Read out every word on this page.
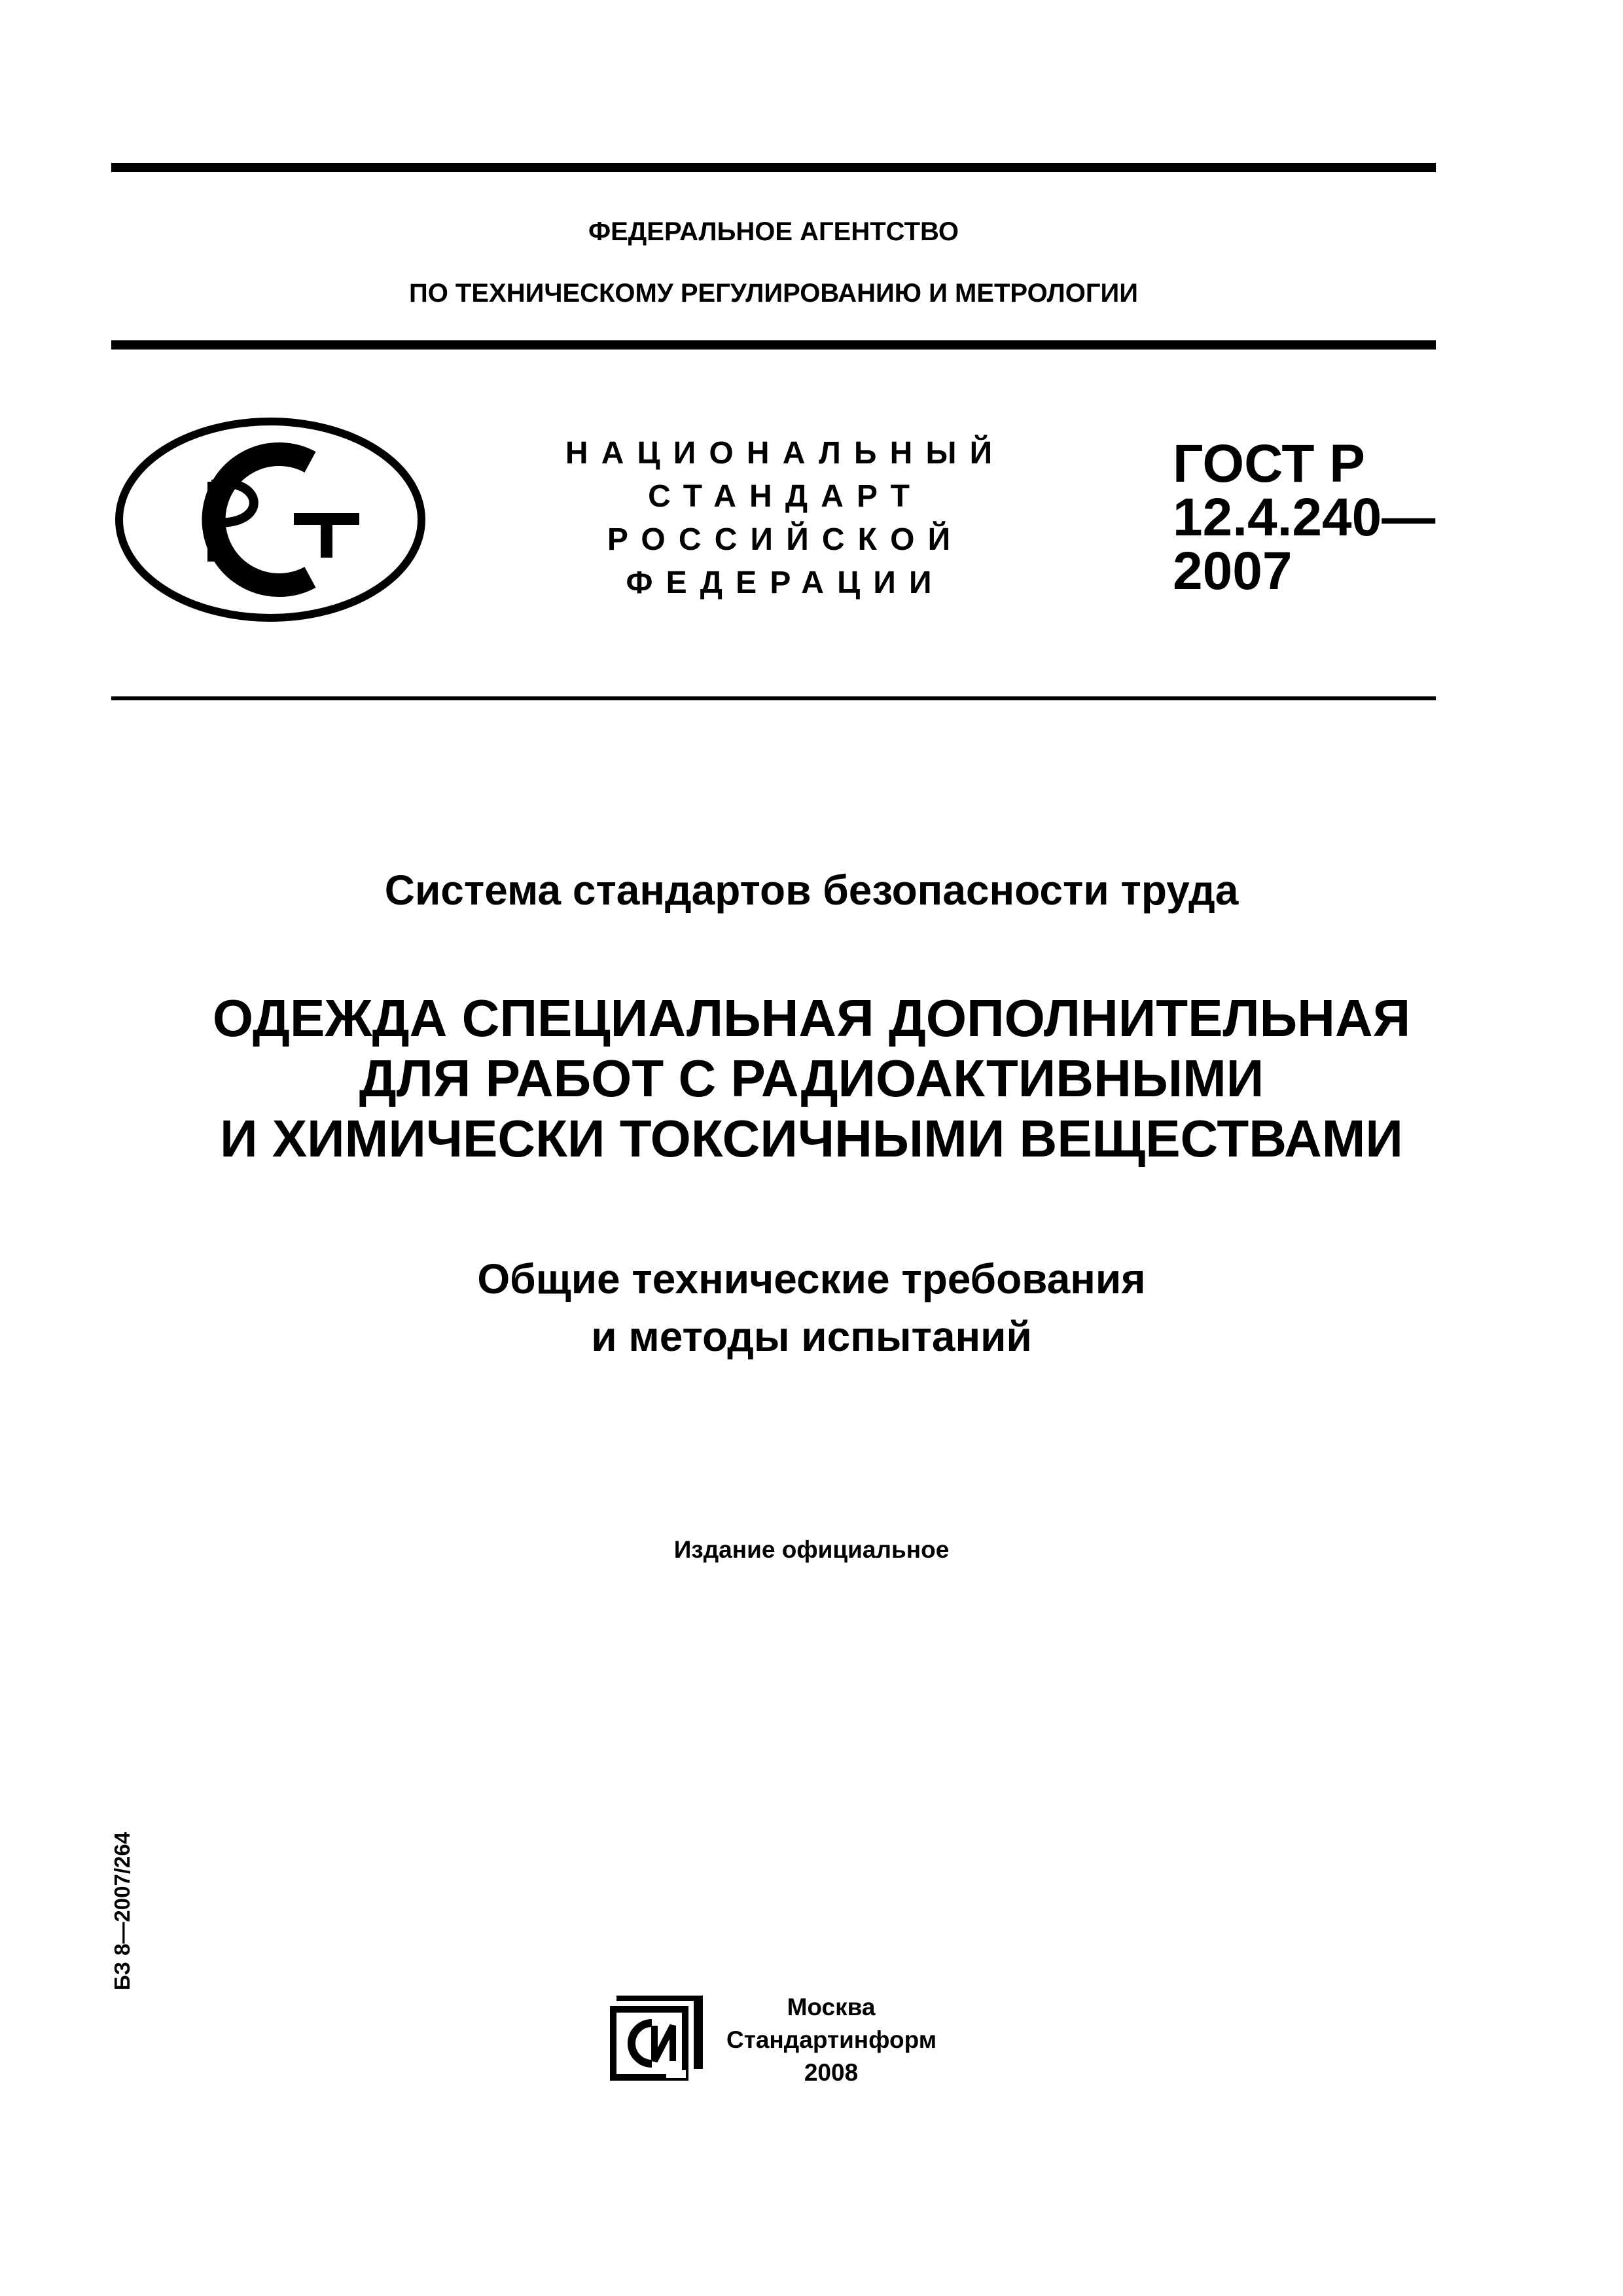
ФЕДЕРАЛЬНОЕ АГЕНТСТВО
ПО ТЕХНИЧЕСКОМУ РЕГУЛИРОВАНИЮ И МЕТРОЛОГИИ
НАЦИОНАЛЬНЫЙ
СТАНДАРТ
РОССИЙСКОЙ
ФЕДЕРАЦИИ
ГОСТ Р
12.4.240—
2007
Система стандартов безопасности труда
ОДЕЖДА СПЕЦИАЛЬНАЯ ДОПОЛНИТЕЛЬНАЯ
ДЛЯ РАБОТ С РАДИОАКТИВНЫМИ
И ХИМИЧЕСКИ ТОКСИЧНЫМИ ВЕЩЕСТВАМИ
Общие технические требования
и методы испытаний
Издание официальное
БЗ 8—2007/264
Москва
Стандартинформ
2008
